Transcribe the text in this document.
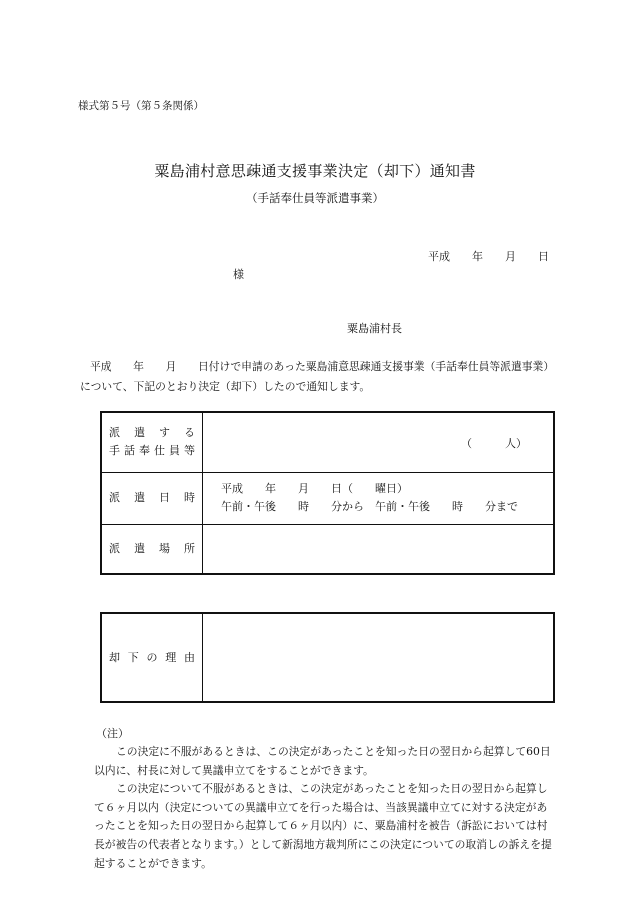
様式第５号（第５条関係）
粟島浦村意思疎通支援事業決定（却下）通知書
（手話奉仕員等派遣事業）
平成 年 月 日
様
粟島浦村長
平成　　年　　月　　日付けで申請のあった粟島浦意思疎通支援事業（手話奉仕員等派遣事業）について、下記のとおり決定（却下）したので通知します。
派遣する
手話奉仕員等	（　　　人）

派遣日時	平成　　年　　月　　日（　　曜日）
午前・午後　　時　　分から　午前・午後　　時　　分まで

派遣場所	

却下の理由

（注）

この決定に不服があるときは、この決定があったことを知った日の翌日から起算して60日以内に、村長に対して異議申立てをすることができます。

この決定について不服があるときは、この決定があったことを知った日の翌日から起算して６ヶ月以内（決定についての異議申立てを行った場合は、当該異議申立てに対する決定があったことを知った日の翌日から起算して６ヶ月以内）に、粟島浦村を被告（訴訟においては村長が被告の代表者となります。）として新潟地方裁判所にこの決定についての取消しの訴えを提起することができます。
